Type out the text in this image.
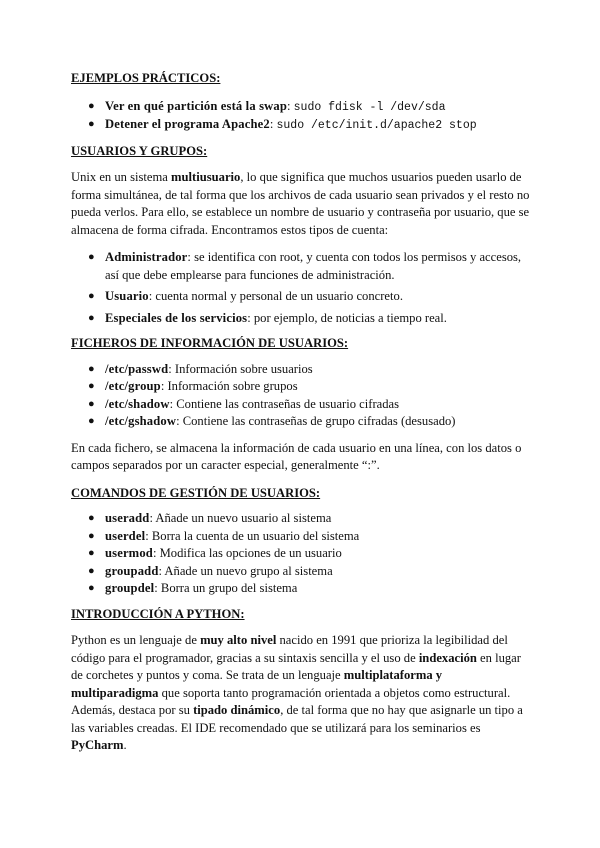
EJEMPLOS PRÁCTICOS:
● Ver en qué partición está la swap: sudo fdisk -l /dev/sda
● Detener el programa Apache2: sudo /etc/init.d/apache2 stop
USUARIOS Y GRUPOS:

Unix en un sistema multiusuario, lo que significa que muchos usuarios pueden usarlo de forma simultánea, de tal forma que los archivos de cada usuario sean privados y el resto no pueda verlos. Para ello, se establece un nombre de usuario y contraseña por usuario, que se almacena de forma cifrada. Encontramos estos tipos de cuenta:

● Administrador: se identifica con root, y cuenta con todos los permisos y accesos, así que debe emplearse para funciones de administración.
● Usuario: cuenta normal y personal de un usuario concreto.
● Especiales de los servicios: por ejemplo, de noticias a tiempo real.
FICHEROS DE INFORMACIÓN DE USUARIOS:
● /etc/passwd: Información sobre usuarios
● /etc/group: Información sobre grupos
● /etc/shadow: Contiene las contraseñas de usuario cifradas
● /etc/gshadow: Contiene las contraseñas de grupo cifradas (desusado)

En cada fichero, se almacena la información de cada usuario en una línea, con los datos o campos separados por un caracter especial, generalmente “:”.

COMANDOS DE GESTIÓN DE USUARIOS:
● useradd: Añade un nuevo usuario al sistema
● userdel: Borra la cuenta de un usuario del sistema
● usermod: Modifica las opciones de un usuario
● groupadd: Añade un nuevo grupo al sistema
● groupdel: Borra un grupo del sistema
INTRODUCCIÓN A PYTHON:

Python es un lenguaje de muy alto nivel nacido en 1991 que prioriza la legibilidad del código para el programador, gracias a su sintaxis sencilla y el uso de indexación en lugar de corchetes y puntos y coma. Se trata de un lenguaje multiplataforma y multiparadigma que soporta tanto programación orientada a objetos como estructural. Además, destaca por su tipado dinámico, de tal forma que no hay que asignarle un tipo a las variables creadas. El IDE recomendado que se utilizará para los seminarios es PyCharm.
